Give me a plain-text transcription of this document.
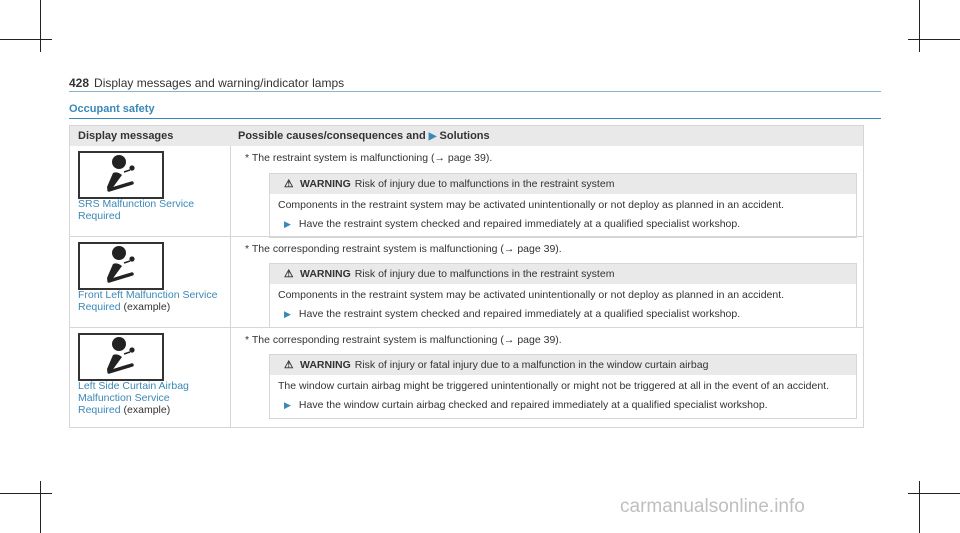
428 Display messages and warning/indicator lamps
Occupant safety
Display messages	Possible causes/consequences and ▶ Solutions
SRS Malfunction Service Required
* The restraint system is malfunctioning (→ page 39).
⚠ WARNING Risk of injury due to malfunctions in the restraint system
Components in the restraint system may be activated unintentionally or not deploy as planned in an accident.
▶ Have the restraint system checked and repaired immediately at a qualified specialist workshop.
Front Left Malfunction Service Required (example)
* The corresponding restraint system is malfunctioning (→ page 39).
⚠ WARNING Risk of injury due to malfunctions in the restraint system
Components in the restraint system may be activated unintentionally or not deploy as planned in an accident.
▶ Have the restraint system checked and repaired immediately at a qualified specialist workshop.
Left Side Curtain Airbag Malfunction Service Required (example)
* The corresponding restraint system is malfunctioning (→ page 39).
⚠ WARNING Risk of injury or fatal injury due to a malfunction in the window curtain airbag
The window curtain airbag might be triggered unintentionally or might not be triggered at all in the event of an accident.
▶ Have the window curtain airbag checked and repaired immediately at a qualified specialist workshop.
carmanualsonline.info
